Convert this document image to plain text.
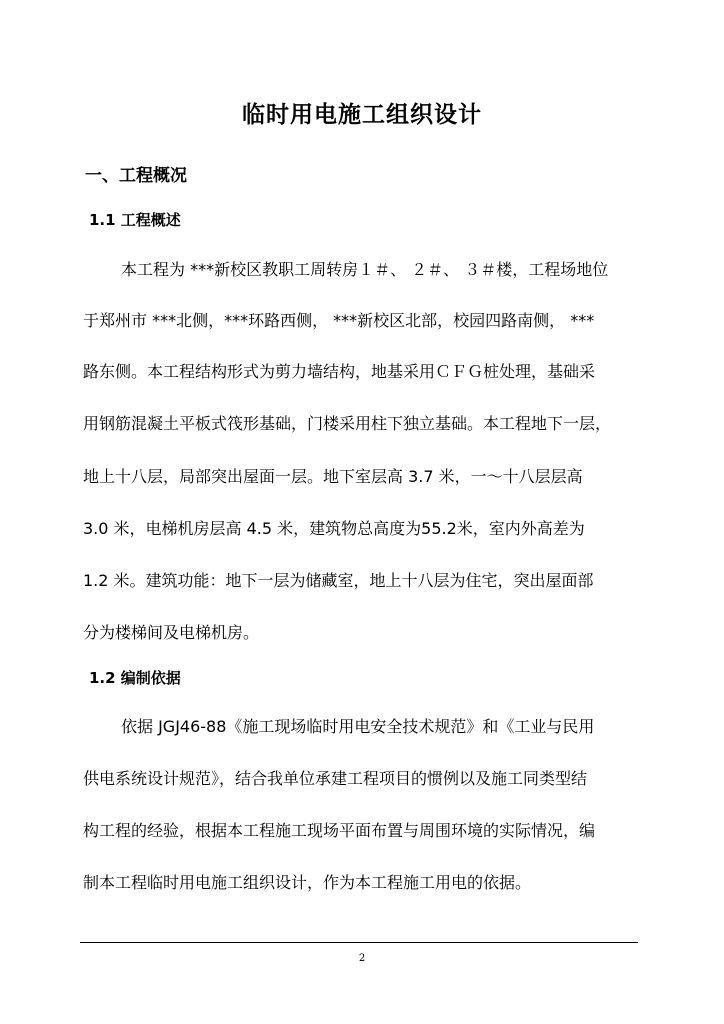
临时用电施工组织设计
一、工程概况
1.1 工程概述
本工程为 ***新校区教职工周转房１＃、 ２＃、 ３＃楼，工程场地位
于郑州市 ***北侧，***环路西侧， ***新校区北部，校园四路南侧， ***
路东侧。本工程结构形式为剪力墙结构，地基采用ＣＦＧ桩处理，基础采
用钢筋混凝土平板式筏形基础，门楼采用柱下独立基础。本工程地下一层，
地上十八层，局部突出屋面一层。地下室层高 3.7 米，一～十八层层高
3.0 米，电梯机房层高 4.5 米，建筑物总高度为55.2米，室内外高差为
1.2 米。建筑功能：地下一层为储藏室，地上十八层为住宅，突出屋面部
分为楼梯间及电梯机房。
1.2 编制依据
依据 JGJ46-88《施工现场临时用电安全技术规范》和《工业与民用
供电系统设计规范》，结合我单位承建工程项目的惯例以及施工同类型结
构工程的经验，根据本工程施工现场平面布置与周围环境的实际情况，编
制本工程临时用电施工组织设计，作为本工程施工用电的依据。
2
